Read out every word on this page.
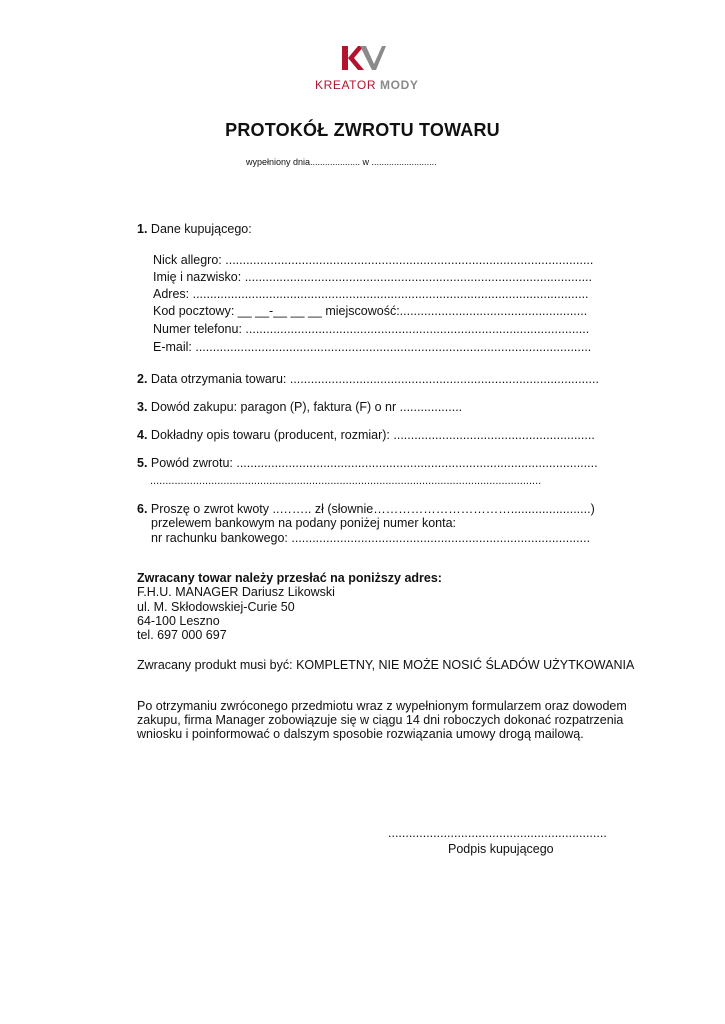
KREATOR MODY
PROTOKÓŁ ZWROTU TOWARU
wypełniony dnia.................... w ..........................
1. Dane kupującego:
Nick allegro: ..........................................................................................................
Imię i nazwisko: ....................................................................................................
Adres: ..................................................................................................................
Kod pocztowy: __ __-__ __ __ miejscowość:......................................................
Numer telefonu: ...................................................................................................
E-mail: ..................................................................................................................
2. Data otrzymania towaru: .........................................................................................
3. Dowód zakupu: paragon (P), faktura (F) o nr ..................
4. Dokładny opis towaru (producent, rozmiar): ..........................................................
5. Powód zwrotu: ........................................................................................................
................................................................................................................................
6. Proszę o zwrot kwoty ..…….. zł (słownie…………………………….......................)
przelewem bankowym na podany poniżej numer konta:
nr rachunku bankowego: ......................................................................................
Zwracany towar należy przesłać na poniższy adres:
F.H.U. MANAGER Dariusz Likowski
ul. M. Skłodowskiej-Curie 50
64-100 Leszno
tel. 697 000 697
Zwracany produkt musi być: KOMPLETNY, NIE MOŻE NOSIĆ ŚLADÓW UŻYTKOWANIA
Po otrzymaniu zwróconego przedmiotu wraz z wypełnionym formularzem oraz dowodem
zakupu, firma Manager zobowiązuje się w ciągu 14 dni roboczych dokonać rozpatrzenia
wniosku i poinformować o dalszym sposobie rozwiązania umowy drogą mailową.
...............................................................
Podpis kupującego
